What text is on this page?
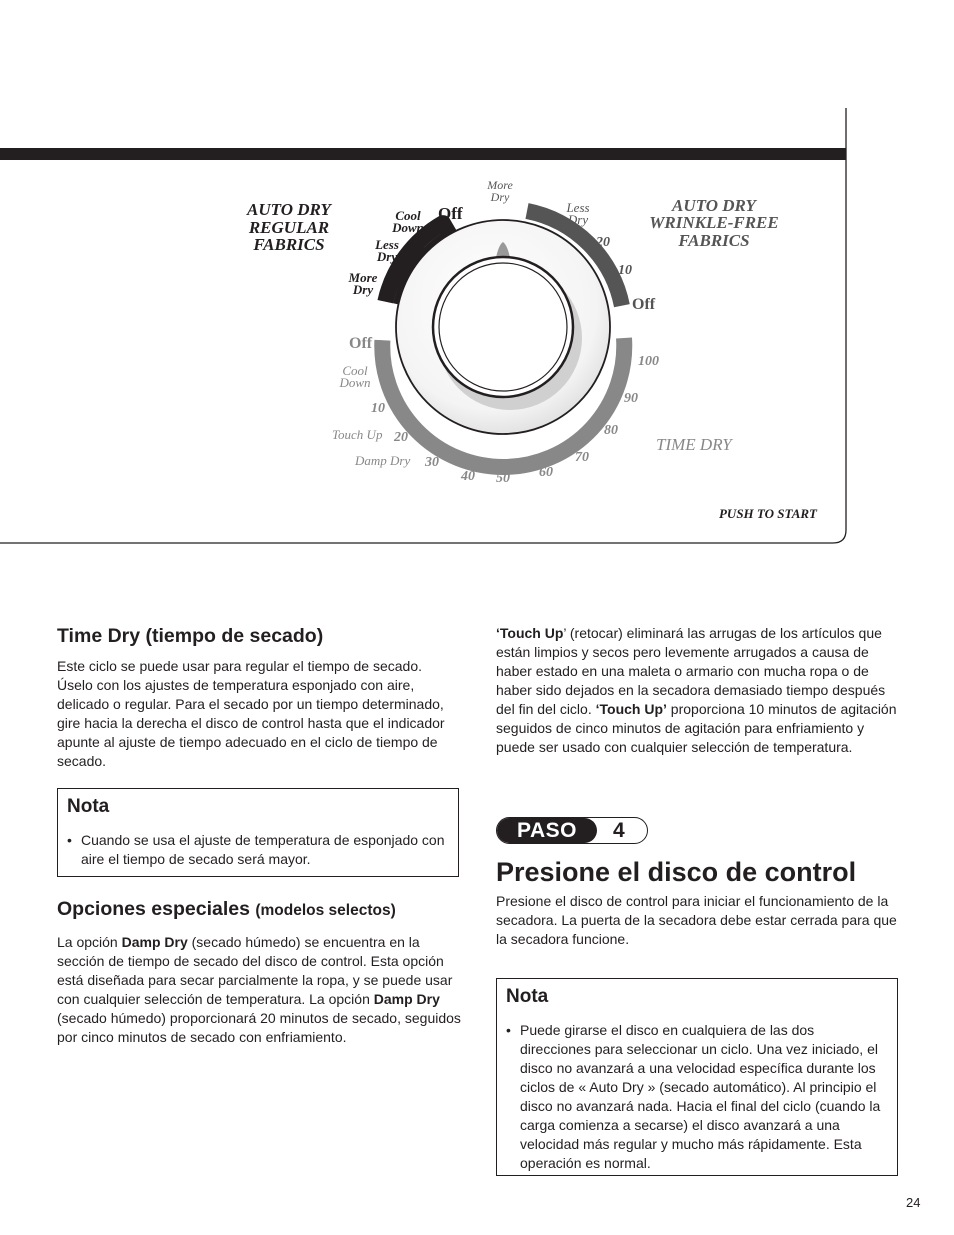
AUTO DRY
REGULAR
FABRICS
AUTO DRY
WRINKLE-FREE
FABRICS
Off
Cool
Down
Less
Dry
More
Dry
More
Dry
Less
Dry
20
10
Off
Off
Cool
Down
10
Touch Up 20
Damp Dry 30
40 50 60
70
80
90
100
TIME DRY
PUSH TO START
Time Dry (tiempo de secado)

Este ciclo se puede usar para regular el tiempo de secado. Úselo con los ajustes de temperatura esponjado con aire, delicado o regular. Para el secado por un tiempo determinado, gire hacia la derecha el disco de control hasta que el indicador apunte al ajuste de tiempo adecuado en el ciclo de tiempo de secado.

Nota
• Cuando se usa el ajuste de temperatura de esponjado con aire el tiempo de secado será mayor.
Opciones especiales (modelos selectos)

La opción Damp Dry (secado húmedo) se encuentra en la sección de tiempo de secado del disco de control. Esta opción está diseñada para secar parcialmente la ropa, y se puede usar con cualquier selección de temperatura. La opción Damp Dry (secado húmedo) proporcionará 20 minutos de secado, seguidos por cinco minutos de secado con enfriamiento.

‘Touch Up’ (retocar) eliminará las arrugas de los artículos que están limpios y secos pero levemente arrugados a causa de haber estado en una maleta o armario con mucha ropa o de haber sido dejados en la secadora demasiado tiempo después del fin del ciclo. ‘Touch Up’ proporciona 10 minutos de agitación seguidos de cinco minutos de agitación para enfriamiento y puede ser usado con cualquier selección de temperatura.

PASO	4
Presione el disco de control

Presione el disco de control para iniciar el funcionamiento de la secadora. La puerta de la secadora debe estar cerrada para que la secadora funcione.

Nota
• Puede girarse el disco en cualquiera de las dos direcciones para seleccionar un ciclo. Una vez iniciado, el disco no avanzará a una velocidad específica durante los ciclos de « Auto Dry » (secado automático). Al principio el disco no avanzará nada. Hacia el final del ciclo (cuando la carga comienza a secarse) el disco avanzará a una velocidad más regular y mucho más rápidamente. Esta operación es normal.
24
